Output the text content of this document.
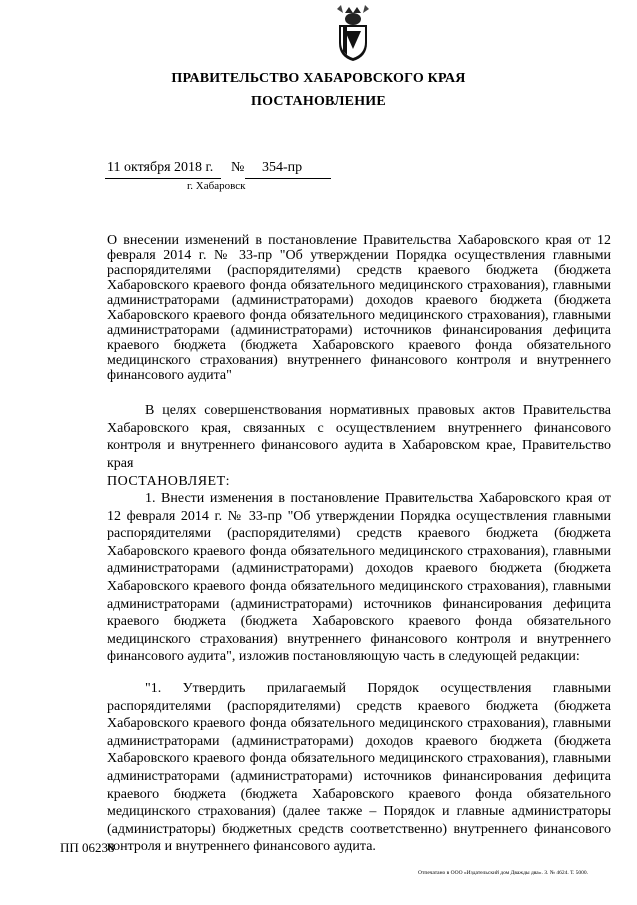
ПРАВИТЕЛЬСТВО ХАБАРОВСКОГО КРАЯ
ПОСТАНОВЛЕНИЕ
11 октября 2018 г. № 354-пр
г. Хабаровск
О внесении изменений в постановление Правительства Хабаровского края от 12 февраля 2014 г. № 33-пр "Об утверждении Порядка осуществления главными распорядителями (распорядителями) средств краевого бюджета (бюджета Хабаровского краевого фонда обязательного медицинского страхования), главными администраторами (администраторами) доходов краевого бюджета (бюджета Хабаровского краевого фонда обязательного медицинского страхования), главными администраторами (администраторами) источников финансирования дефицита краевого бюджета (бюджета Хабаровского краевого фонда обязательного медицинского страхования) внутреннего финансового контроля и внутреннего финансового аудита"
В целях совершенствования нормативных правовых актов Правительства Хабаровского края, связанных с осуществлением внутреннего финансового контроля и внутреннего финансового аудита в Хабаровском крае, Правительство края
ПОСТАНОВЛЯЕТ:
1. Внести изменения в постановление Правительства Хабаровского края от 12 февраля 2014 г. № 33-пр "Об утверждении Порядка осуществления главными распорядителями (распорядителями) средств краевого бюджета (бюджета Хабаровского краевого фонда обязательного медицинского страхования), главными администраторами (администраторами) доходов краевого бюджета (бюджета Хабаровского краевого фонда обязательного медицинского страхования), главными администраторами (администраторами) источников финансирования дефицита краевого бюджета (бюджета Хабаровского краевого фонда обязательного медицинского страхования) внутреннего финансового контроля и внутреннего финансового аудита", изложив постановляющую часть в следующей редакции:
"1. Утвердить прилагаемый Порядок осуществления главными распорядителями (распорядителями) средств краевого бюджета (бюджета Хабаровского краевого фонда обязательного медицинского страхования), главными администраторами (администраторами) доходов краевого бюджета (бюджета Хабаровского краевого фонда обязательного медицинского страхования), главными администраторами (администраторами) источников финансирования дефицита краевого бюджета (бюджета Хабаровского краевого фонда обязательного медицинского страхования) (далее также – Порядок и главные администраторы (администраторы) бюджетных средств соответственно) внутреннего финансового контроля и внутреннего финансового аудита.
ПП 06238
Отпечатано в ООО «Издательский дом Дважды два». З. № 4624. Т. 5000.
